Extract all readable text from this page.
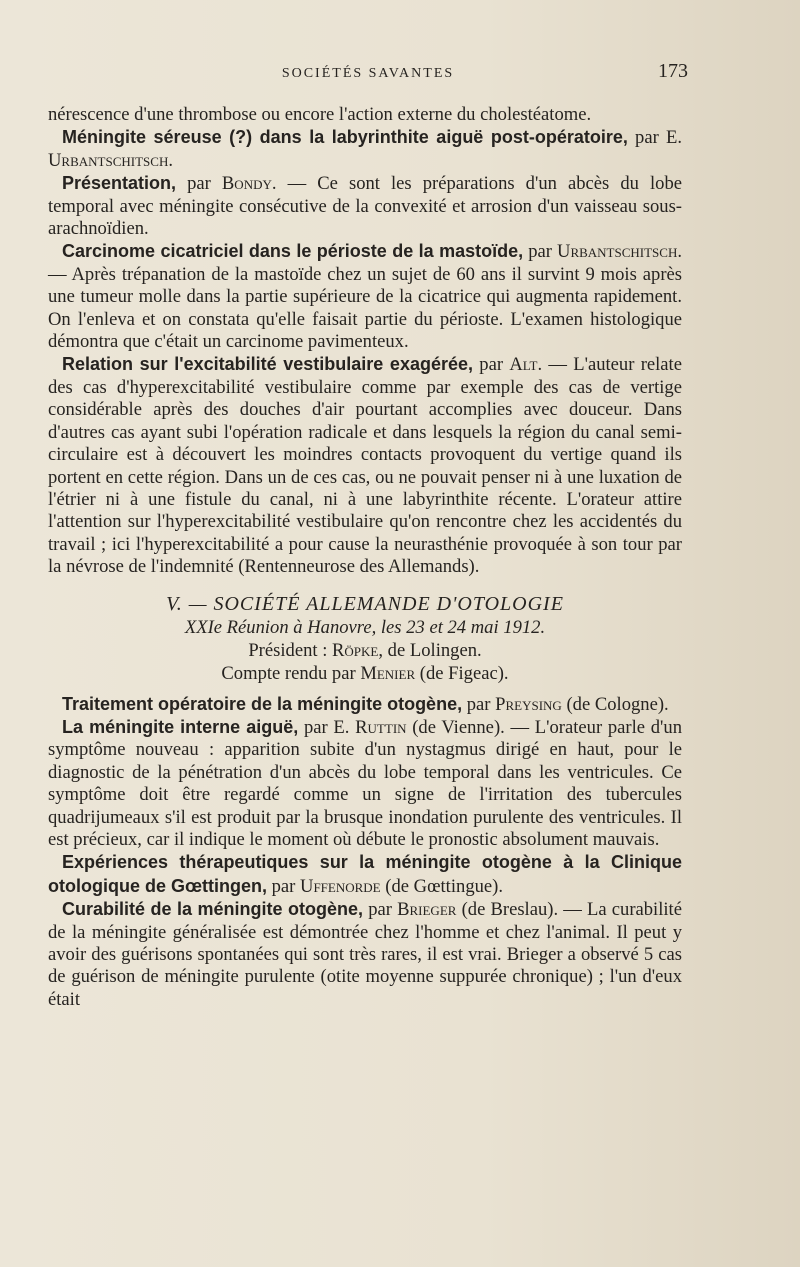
SOCIÉTÉS SAVANTES	173

nérescence d'une thrombose ou encore l'action externe du cholestéatome.

Méningite séreuse (?) dans la labyrinthite aiguë post-opératoire, par E. Urbantschitsch.

Présentation, par Bondy. — Ce sont les préparations d'un abcès du lobe temporal avec méningite consécutive de la convexité et arrosion d'un vaisseau sous-arachnoïdien.

Carcinome cicatriciel dans le périoste de la mastoïde, par Urbantschitsch. — Après trépanation de la mastoïde chez un sujet de 60 ans il survint 9 mois après une tumeur molle dans la partie supérieure de la cicatrice qui augmenta rapidement. On l'enleva et on constata qu'elle faisait partie du périoste. L'examen histologique démontra que c'était un carcinome pavimenteux.

Relation sur l'excitabilité vestibulaire exagérée, par Alt. — L'auteur relate des cas d'hyperexcitabilité vestibulaire comme par exemple des cas de vertige considérable après des douches d'air pourtant accomplies avec douceur. Dans d'autres cas ayant subi l'opération radicale et dans lesquels la région du canal semi-circulaire est à découvert les moindres contacts provoquent du vertige quand ils portent en cette région. Dans un de ces cas, ou ne pouvait penser ni à une luxation de l'étrier ni à une fistule du canal, ni à une labyrinthite récente. L'orateur attire l'attention sur l'hyperexcitabilité vestibulaire qu'on rencontre chez les accidentés du travail ; ici l'hyperexcitabilité a pour cause la neurasthénie provoquée à son tour par la névrose de l'indemnité (Rentenneurose des Allemands).

V. — SOCIÉTÉ ALLEMANDE D'OTOLOGIE
XXIe Réunion à Hanovre, les 23 et 24 mai 1912.
Président : Röpke, de Lolingen.
Compte rendu par Menier (de Figeac).

Traitement opératoire de la méningite otogène, par Preysing (de Cologne).

La méningite interne aiguë, par E. Ruttin (de Vienne). — L'orateur parle d'un symptôme nouveau : apparition subite d'un nystagmus dirigé en haut, pour le diagnostic de la pénétration d'un abcès du lobe temporal dans les ventricules. Ce symptôme doit être regardé comme un signe de l'irritation des tubercules quadrijumeaux s'il est produit par la brusque inondation purulente des ventricules. Il est précieux, car il indique le moment où débute le pronostic absolument mauvais.

Expériences thérapeutiques sur la méningite otogène à la Clinique otologique de Gœttingen, par Uffenorde (de Gœttingue).

Curabilité de la méningite otogène, par Brieger (de Breslau). — La curabilité de la méningite généralisée est démontrée chez l'homme et chez l'animal. Il peut y avoir des guérisons spontanées qui sont très rares, il est vrai. Brieger a observé 5 cas de guérison de méningite purulente (otite moyenne suppurée chronique) ; l'un d'eux était
